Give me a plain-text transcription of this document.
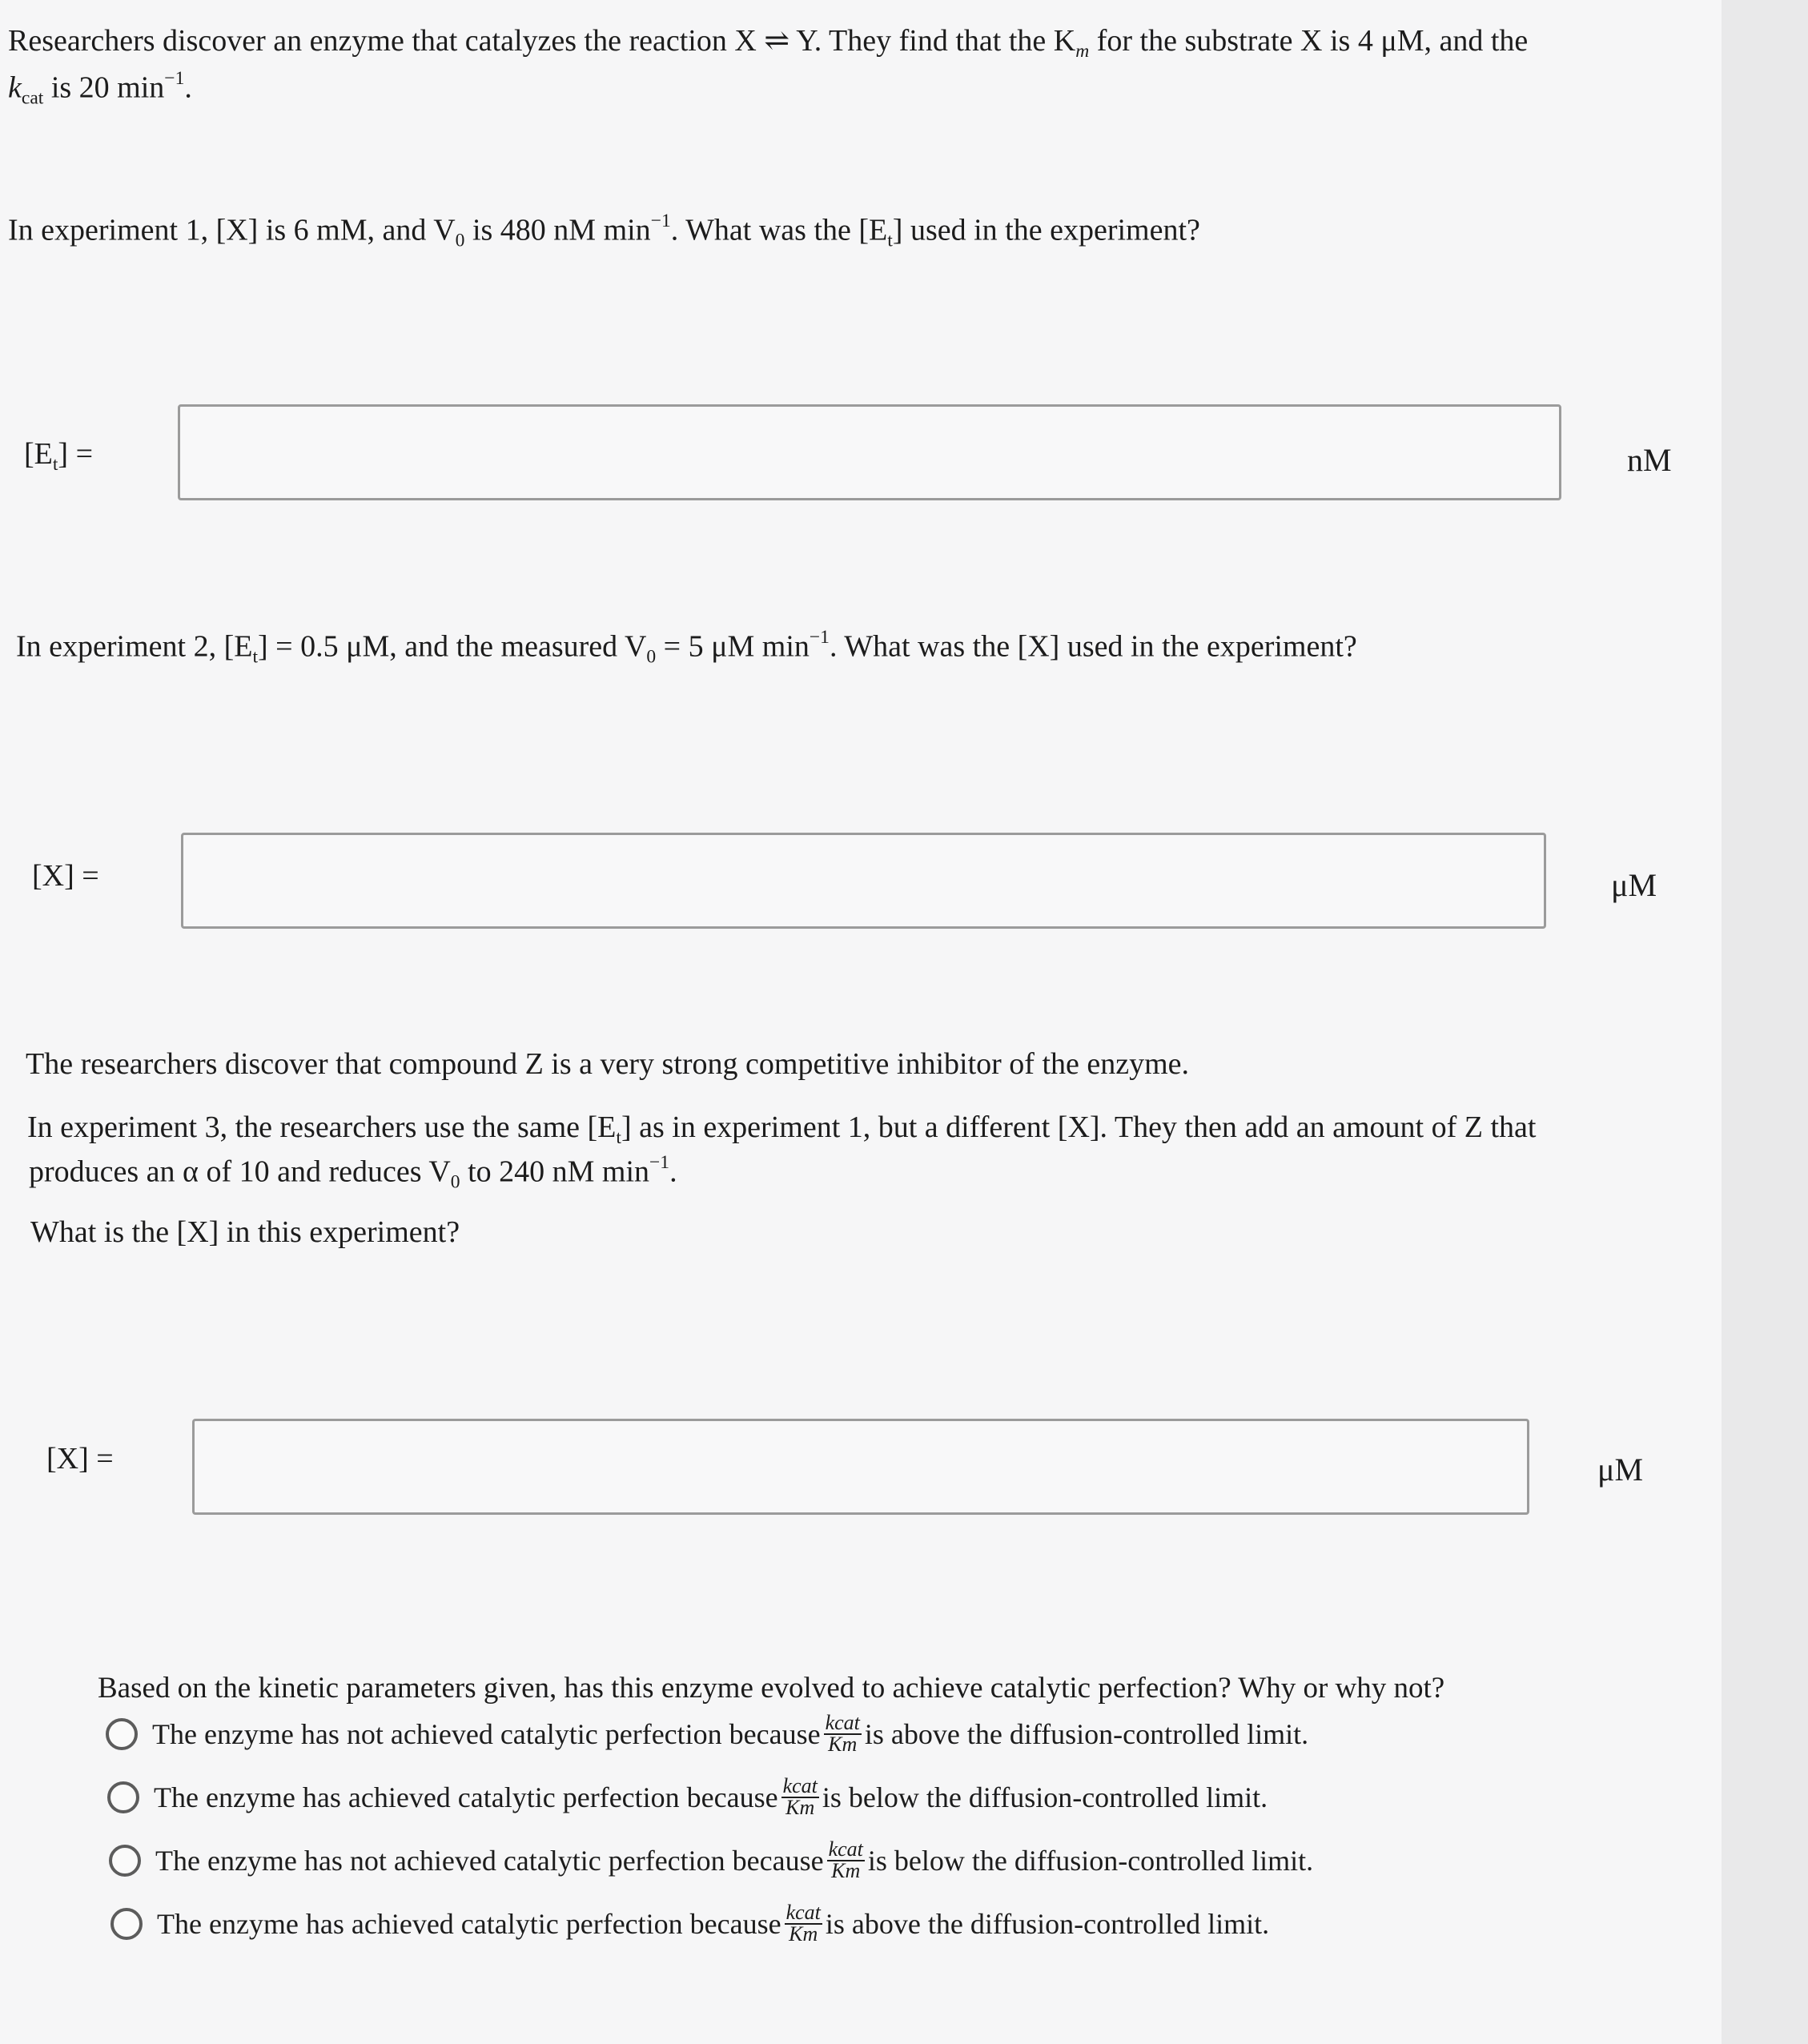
Researchers discover an enzyme that catalyzes the reaction X ⇌ Y. They find that the $K_m$ for the substrate X is 4 μM, and the
$k_{cat}$ is 20 $\min^{-1}$.
In experiment 1, [X] is 6 mM, and $V_0$ is 480 nM $\min^{-1}$. What was the $[E_t]$ used in the experiment?
$[E_t]$ =	nM
In experiment 2, $[E_t] = 0.5$ μM, and the measured $V_0 = 5$ μM $\min^{-1}$. What was the [X] used in the experiment?
[X] =	μM
The researchers discover that compound Z is a very strong competitive inhibitor of the enzyme.
In experiment 3, the researchers use the same $[E_t]$ as in experiment 1, but a different [X]. They then add an amount of Z that
produces an α of 10 and reduces $V_0$ to 240 nM $\min^{-1}$.
What is the [X] in this experiment?
[X] =	μM
Based on the kinetic parameters given, has this enzyme evolved to achieve catalytic perfection? Why or why not?
The enzyme has not achieved catalytic perfection because $\frac{\text{kcat}}{Km}$ is above the diffusion-controlled limit.
The enzyme has achieved catalytic perfection because $\frac{\text{kcat}}{Km}$ is below the diffusion-controlled limit.
The enzyme has not achieved catalytic perfection because $\frac{\text{kcat}}{Km}$ is below the diffusion-controlled limit.
The enzyme has achieved catalytic perfection because $\frac{\text{kcat}}{Km}$ is above the diffusion-controlled limit.
